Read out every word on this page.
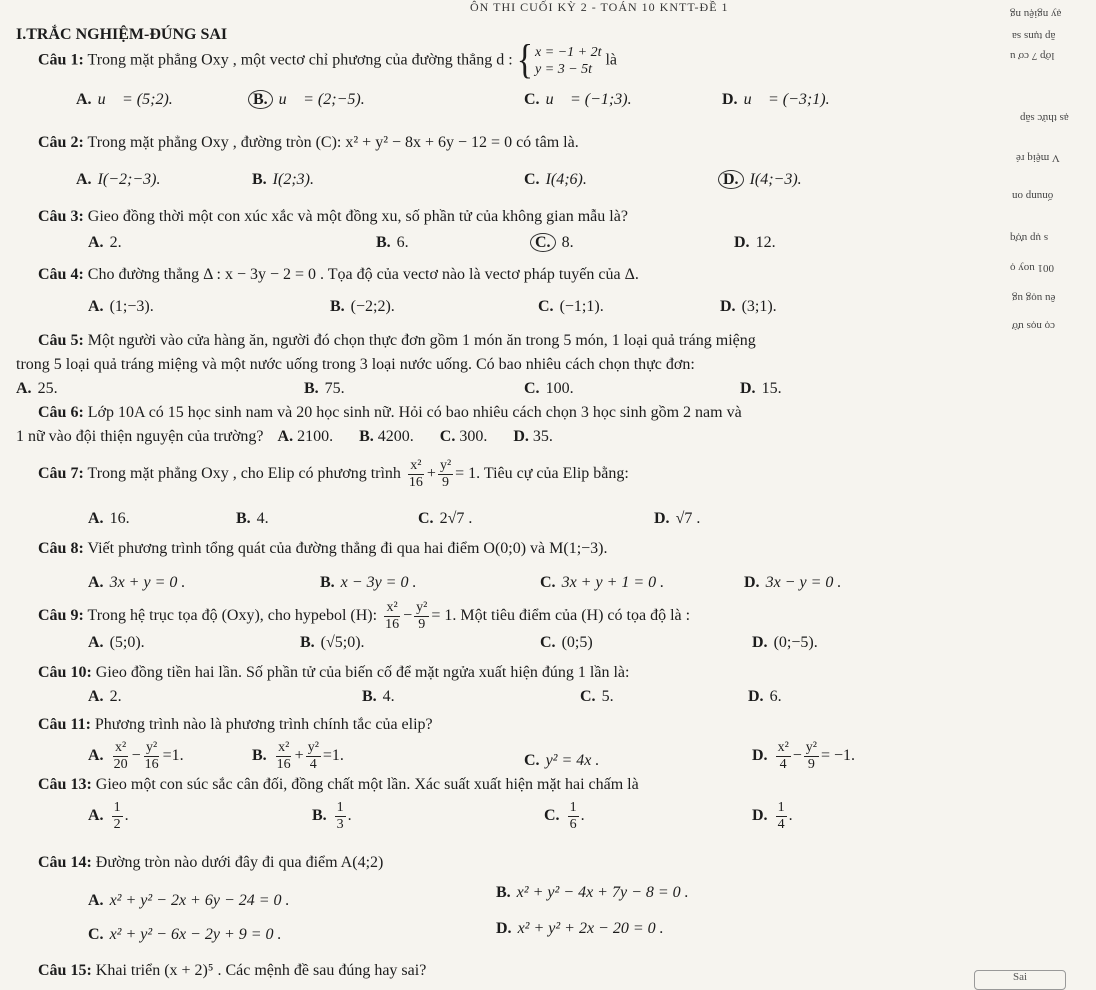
ÔN THI CUỐI KỲ 2 - TOÁN 10 KNTT-ĐỀ 1
I.TRẮC NGHIỆM-ĐÚNG SAI
Câu 1: Trong mặt phẳng Oxy , một vectơ chỉ phương của đường thẳng d : { x = −1 + 2t
y = 3 − 5t
là
A. u⃗ = (5;2).	B. u⃗ = (2;−5).	C. u⃗ = (−1;3).	D. u⃗ = (−3;1).
Câu 2: Trong mặt phẳng Oxy , đường tròn (C): x² + y² − 8x + 6y − 12 = 0 có tâm là.
A. I(−2;−3).	B. I(2;3).	C. I(4;6).	D. I(4;−3).
Câu 3: Gieo đồng thời một con xúc xắc và một đồng xu, số phần tử của không gian mẫu là?
A. 2.	B. 6.	C. 8.	D. 12.
Câu 4: Cho đường thẳng Δ : x − 3y − 2 = 0 . Tọa độ của vectơ nào là vectơ pháp tuyến của Δ.
A. (1;−3).	B. (−2;2).	C. (−1;1).	D. (3;1).
Câu 5: Một người vào cửa hàng ăn, người đó chọn thực đơn gồm 1 món ăn trong 5 món, 1 loại quả tráng miệng
trong 5 loại quả tráng miệng và một nước uống trong 3 loại nước uống. Có bao nhiêu cách chọn thực đơn:
A. 25.	B. 75.	C. 100.	D. 15.
Câu 6: Lớp 10A có 15 học sinh nam và 20 học sinh nữ. Hỏi có bao nhiêu cách chọn 3 học sinh gồm 2 nam và
1 nữ vào đội thiện nguyện của trường? A. 2100. B. 4200. C. 300. D. 35.
Câu 7: Trong mặt phẳng Oxy , cho Elip có phương trình $\frac{\text{x²}}{16} + \frac{\text{y²}}{9} = 1$. Tiêu cự của Elip bằng:
A. 16.	B. 4.	C. 2√7 .	D. √7 .
Câu 8: Viết phương trình tổng quát của đường thẳng đi qua hai điểm O(0;0) và M(1;−3).
A. 3x + y = 0 .	B. x − 3y = 0 .	C. 3x + y + 1 = 0 .	D. 3x − y = 0 .
Câu 9: Trong hệ trục tọa độ (Oxy), cho hypebol (H): $\frac{\text{x²}}{16} - \frac{\text{y²}}{9} = 1$. Một tiêu điểm của (H) có tọa độ là :
A. (5;0).	B. (√5;0).	C. (0;5)	D. (0;−5).
Câu 10: Gieo đồng tiền hai lần. Số phần tử của biến cố để mặt ngửa xuất hiện đúng 1 lần là:
A. 2.	B. 4.	C. 5.	D. 6.
Câu 11: Phương trình nào là phương trình chính tắc của elip?
A. $\frac{\text{x²}}{20} - \frac{\text{y²}}{16} =1$.	B. $\frac{\text{x²}}{16} + \frac{\text{y²}}{4} =1$.	C. y² = 4x .	D. $\frac{\text{x²}}{4} - \frac{\text{y²}}{9} = -1$.
Câu 13: Gieo một con súc sắc cân đối, đồng chất một lần. Xác suất xuất hiện mặt hai chấm là
A. $\frac{1}{2}$ .	B. $\frac{1}{3}$ .	C. $\frac{1}{6}$ .	D. $\frac{1}{4}$ .
Câu 14: Đường tròn nào dưới đây đi qua điểm A(4;2)
A. x² + y² − 2x + 6y − 24 = 0 .	B. x² + y² − 4x + 7y − 8 = 0 .
C. x² + y² − 6x − 2y + 9 = 0 .	D. x² + y² + 2x − 20 = 0 .
Câu 15: Khai triển (x + 2)⁵ . Các mệnh đề sau đúng hay sai?
ạy ngiệu ng
ăp tụns sa
lớp 7 cơ u
ạs thức săp
V mệiq ré
ốnunp on
s ụp ượq
001 uoy ọ
êu uọg ug
cọ nọs ườ
Sai
